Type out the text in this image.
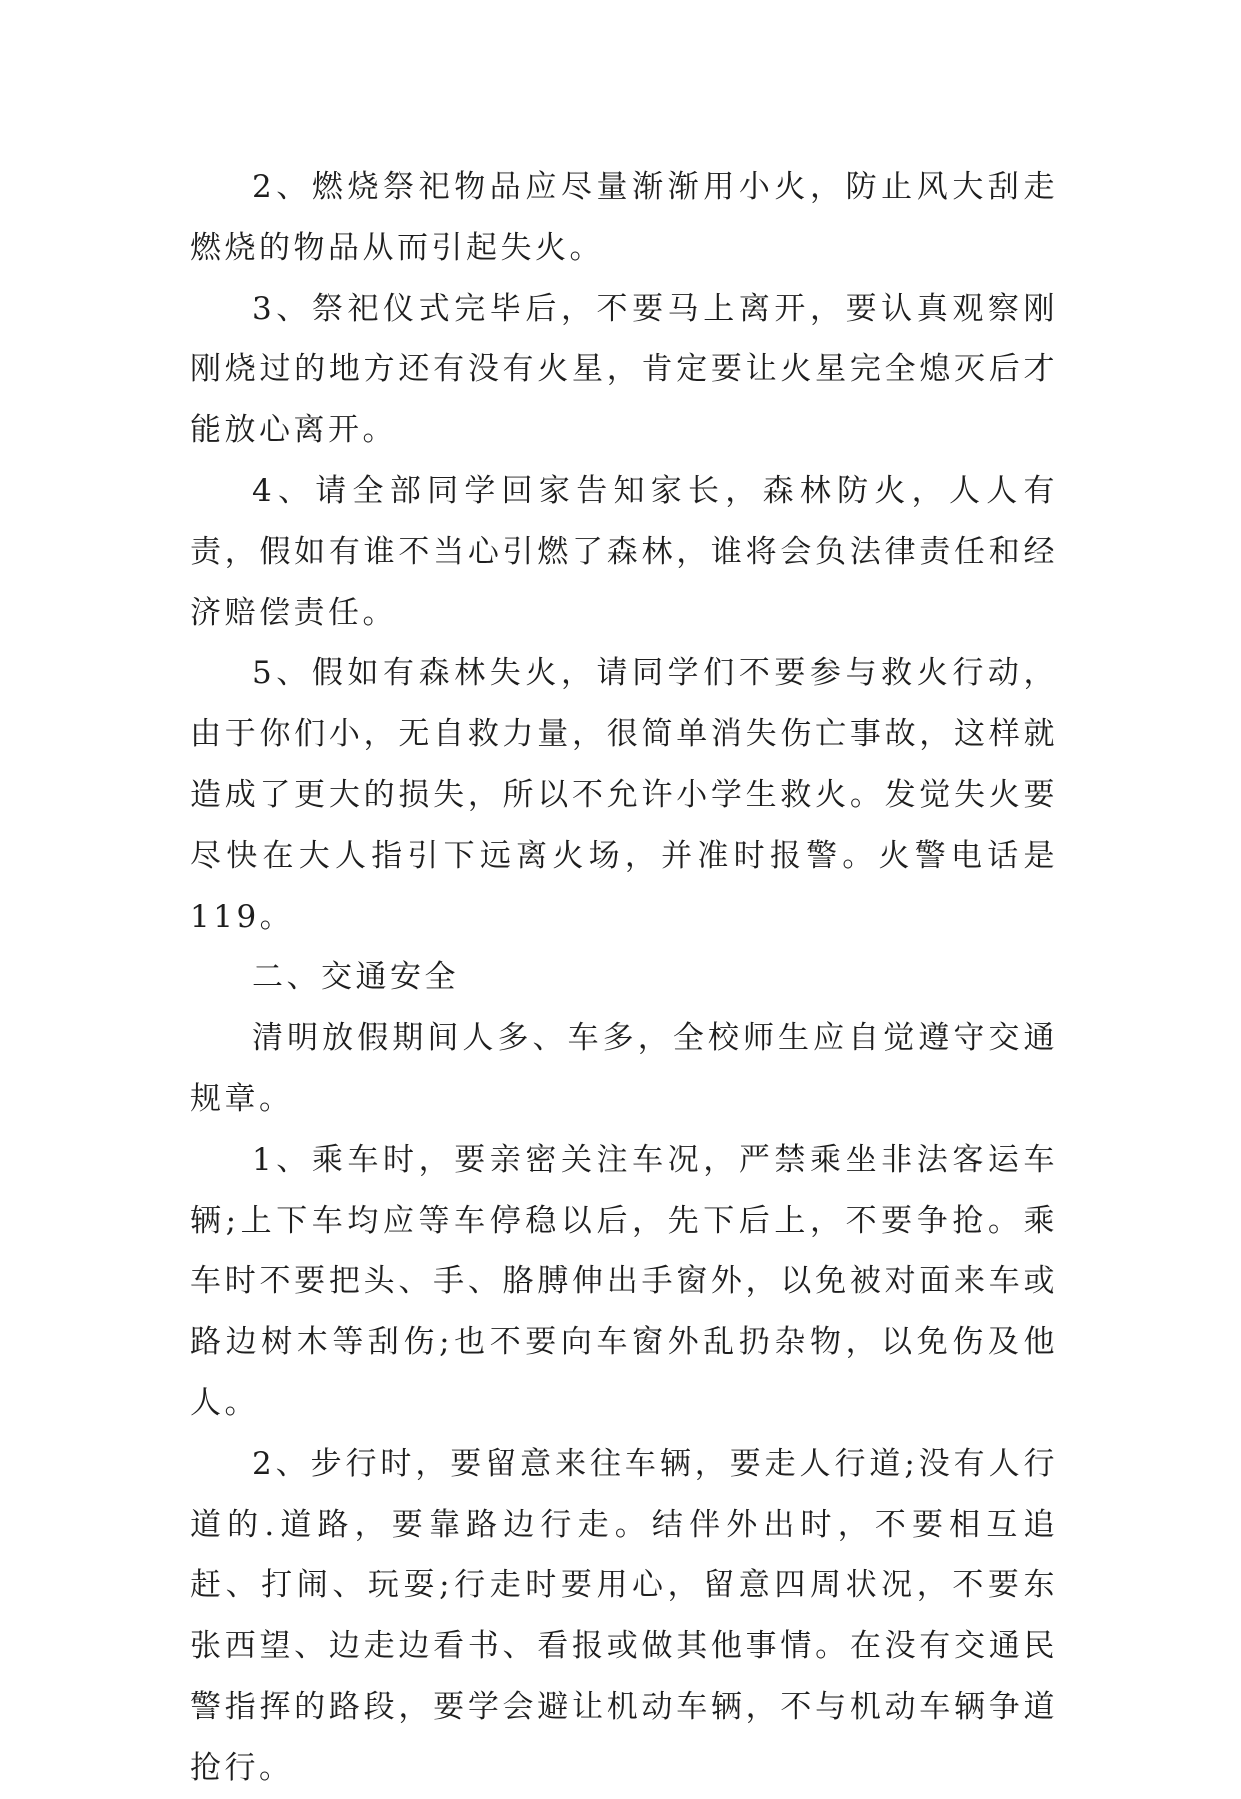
2、燃烧祭祀物品应尽量渐渐用小火，防止风大刮走燃烧的物品从而引起失火。

3、祭祀仪式完毕后，不要马上离开，要认真观察刚刚烧过的地方还有没有火星，肯定要让火星完全熄灭后才能放心离开。

4、请全部同学回家告知家长，森林防火，人人有责，假如有谁不当心引燃了森林，谁将会负法律责任和经济赔偿责任。

5、假如有森林失火，请同学们不要参与救火行动，由于你们小，无自救力量，很简单消失伤亡事故，这样就造成了更大的损失，所以不允许小学生救火。发觉失火要尽快在大人指引下远离火场，并准时报警。火警电话是119。

二、交通安全

清明放假期间人多、车多，全校师生应自觉遵守交通规章。

1、乘车时，要亲密关注车况，严禁乘坐非法客运车辆;上下车均应等车停稳以后，先下后上，不要争抢。乘车时不要把头、手、胳膊伸出手窗外，以免被对面来车或路边树木等刮伤;也不要向车窗外乱扔杂物，以免伤及他人。

2、步行时，要留意来往车辆，要走人行道;没有人行道的.道路，要靠路边行走。结伴外出时，不要相互追赶、打闹、玩耍;行走时要用心，留意四周状况，不要东张西望、边走边看书、看报或做其他事情。在没有交通民警指挥的路段，要学会避让机动车辆，不与机动车辆争道抢行。
